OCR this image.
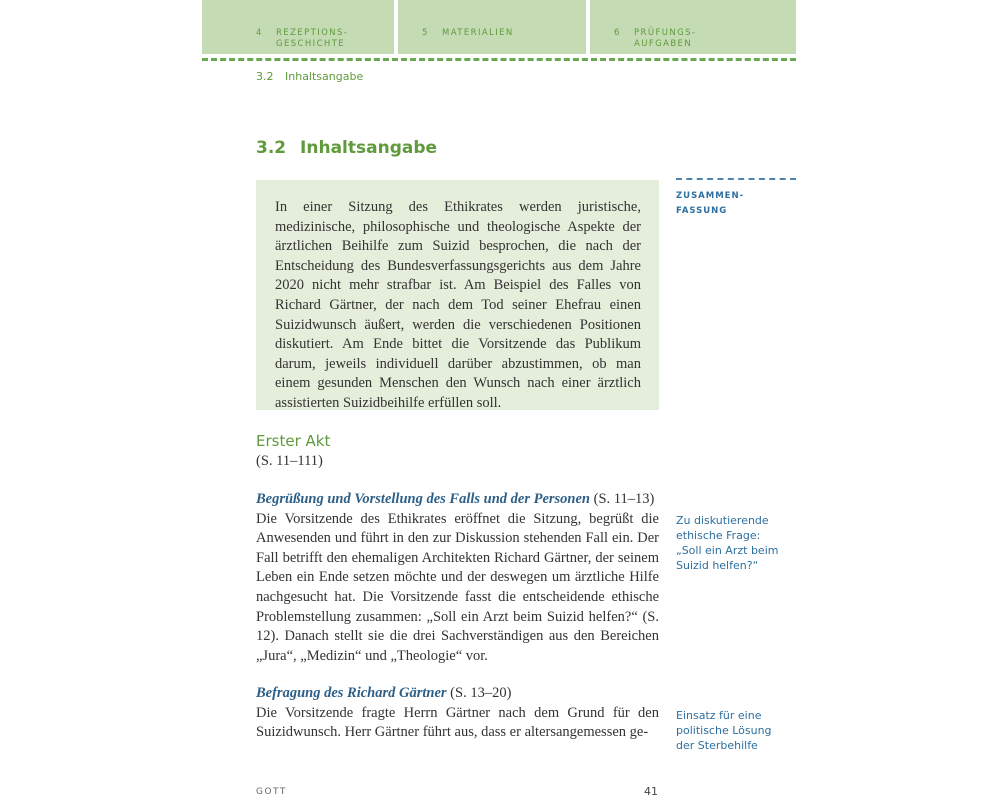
4 REZEPTIONS-
GESCHICHTE
5 MATERIALIEN	6 PRÜFUNGS-
AUFGABEN
3.2 Inhaltsangabe
3.2 Inhaltsangabe
ZUSAMMEN-
FASSUNG
In einer Sitzung des Ethikrates werden juristische, medizinische, philosophische und theologische Aspekte der ärztlichen Beihilfe zum Suizid besprochen, die nach der Entscheidung des Bundesverfassungsgerichts aus dem Jahre 2020 nicht mehr strafbar ist. Am Beispiel des Falles von Richard Gärtner, der nach dem Tod seiner Ehefrau einen Suizidwunsch äußert, werden die verschiedenen Positionen diskutiert. Am Ende bittet die Vorsitzende das Publikum darum, jeweils individuell darüber abzustimmen, ob man einem gesunden Menschen den Wunsch nach einer ärztlich assistierten Suizidbeihilfe erfüllen soll.
Erster Akt
(S. 11–111)

Begrüßung und Vorstellung des Falls und der Personen (S. 11–13)

Die Vorsitzende des Ethikrates eröffnet die Sitzung, begrüßt die Anwesenden und führt in den zur Diskussion stehenden Fall ein. Der Fall betrifft den ehemaligen Architekten Richard Gärtner, der seinem Leben ein Ende setzen möchte und der deswegen um ärztliche Hilfe nachgesucht hat. Die Vorsitzende fasst die entscheidende ethische Problemstellung zusammen: „Soll ein Arzt beim Suizid helfen?“ (S. 12). Danach stellt sie die drei Sachverständigen aus den Bereichen „Jura“, „Medizin“ und „Theologie“ vor.

Zu diskutierende
ethische Frage:
„Soll ein Arzt beim
Suizid helfen?“

Befragung des Richard Gärtner (S. 13–20)

Die Vorsitzende fragte Herrn Gärtner nach dem Grund für den Suizidwunsch. Herr Gärtner führt aus, dass er altersangemessen ge-

Einsatz für eine
politische Lösung
der Sterbehilfe
GOTT	41
